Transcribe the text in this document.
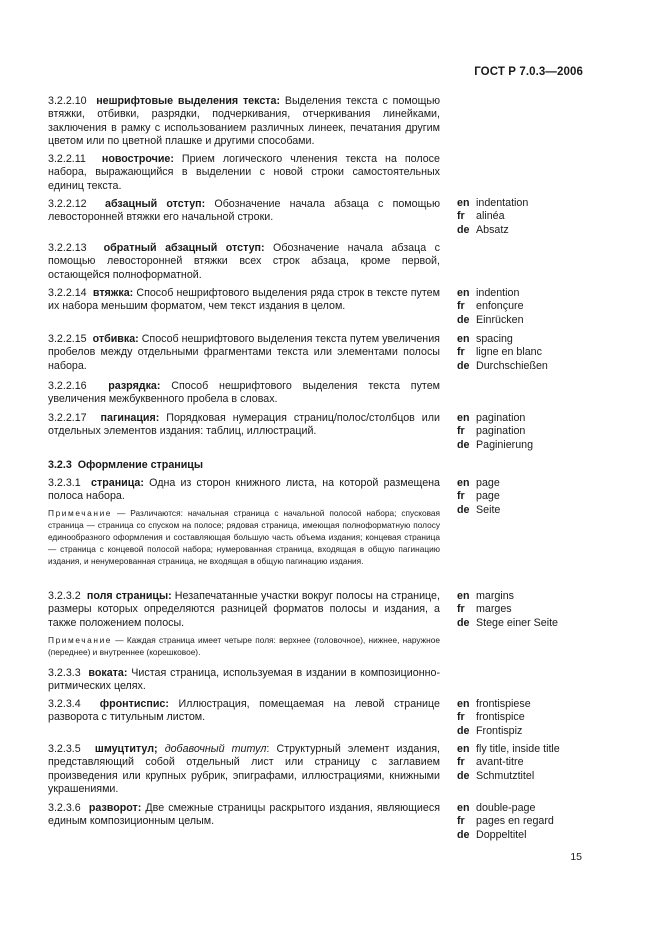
ГОСТ Р 7.0.3—2006

3.2.2.10 нешрифтовые выделения текста: Выделения текста с помощью втяжки, отбивки, разрядки, подчеркивания, отчеркивания линейками, заключения в рамку с использованием различных линеек, печатания другим цветом или по цветной плашке и другими способами.

3.2.2.11 новострочие: Прием логического членения текста на полосе набора, выражающийся в выделении с новой строки самостоятельных единиц текста.

3.2.2.12 абзацный отступ: Обозначение начала абзаца с помощью левосторонней втяжки его начальной строки.

3.2.2.13 обратный абзацный отступ: Обозначение начала абзаца с помощью левосторонней втяжки всех строк абзаца, кроме первой, остающейся полноформатной.

3.2.2.14 втяжка: Способ нешрифтового выделения ряда строк в тексте путем их набора меньшим форматом, чем текст издания в целом.

3.2.2.15 отбивка: Способ нешрифтового выделения текста путем увеличения пробелов между отдельными фрагментами текста или элементами полосы набора.

3.2.2.16 разрядка: Способ нешрифтового выделения текста путем увеличения межбуквенного пробела в словах.

3.2.2.17 пагинация: Порядковая нумерация страниц/полос/столбцов или отдельных элементов издания: таблиц, иллюстраций.

3.2.3 Оформление страницы

3.2.3.1 страница: Одна из сторон книжного листа, на которой размещена полоса набора.

Примечание — Различаются: начальная страница с начальной полосой набора; спусковая страница — страница со спуском на полосе; рядовая страница, имеющая полноформатную полосу единообразного оформления и составляющая большую часть объема издания; концевая страница — страница с концевой полосой набора; нумерованная страница, входящая в общую пагинацию издания, и ненумерованная страница, не входящая в общую пагинацию издания.

3.2.3.2 поля страницы: Незапечатанные участки вокруг полосы на странице, размеры которых определяются разницей форматов полосы и издания, а также положением полосы.

Примечание — Каждая страница имеет четыре поля: верхнее (головочное), нижнее, наружное (переднее) и внутреннее (корешковое).

3.2.3.3 воката: Чистая страница, используемая в издании в композиционно-ритмических целях.

3.2.3.4 фронтиспис: Иллюстрация, помещаемая на левой странице разворота с титульным листом.

3.2.3.5 шмуцтитул; добавочный титул: Структурный элемент издания, представляющий собой отдельный лист или страницу с заглавием произведения или крупных рубрик, эпиграфами, иллюстрациями, книжными украшениями.

3.2.3.6 разворот: Две смежные страницы раскрытого издания, являющиеся единым композиционным целым.

en indentation
fr alinéa
de Absatz
en indention
fr enfonçure
de Einrücken
en spacing
fr ligne en blanc
de Durchschießen
en pagination
fr pagination
de Paginierung
en page
fr page
de Seite
en margins
fr marges
de Stege einer Seite
en frontispiese
fr frontispice
de Frontispiz
en fly title, inside title
fr avant-titre
de Schmutztitel
en double-page
fr pages en regard
de Doppeltitel
15
